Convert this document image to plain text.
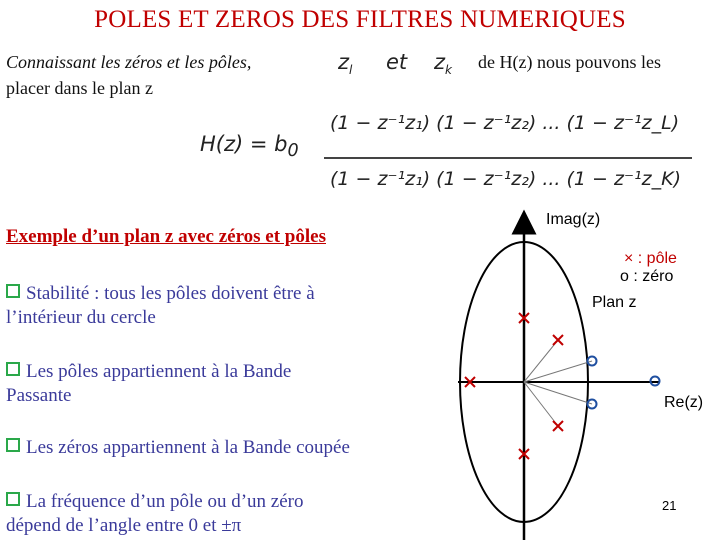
POLES ET ZEROS DES FILTRES NUMERIQUES
Connaissant les zéros et les pôles,	$z_l$ et $z_k$ de H(z) nous pouvons les
placer dans le plan z
$H(z) = b_0$
(1 − z⁻¹z₁) (1 − z⁻¹z₂) ... (1 − z⁻¹z_L)
(1 − z⁻¹z₁) (1 − z⁻¹z₂) ... (1 − z⁻¹z_K)
Exemple d’un plan z avec zéros et pôles
Stabilité : tous les pôles doivent être à
l’intérieur du cercle
Les pôles appartiennent à la Bande
Passante
Les zéros appartiennent à la Bande coupée
La fréquence d’un pôle ou d’un zéro
dépend de l’angle entre 0 et ±π
Imag(z)
× : pôle
o : zéro
Plan z
Re(z)
21
